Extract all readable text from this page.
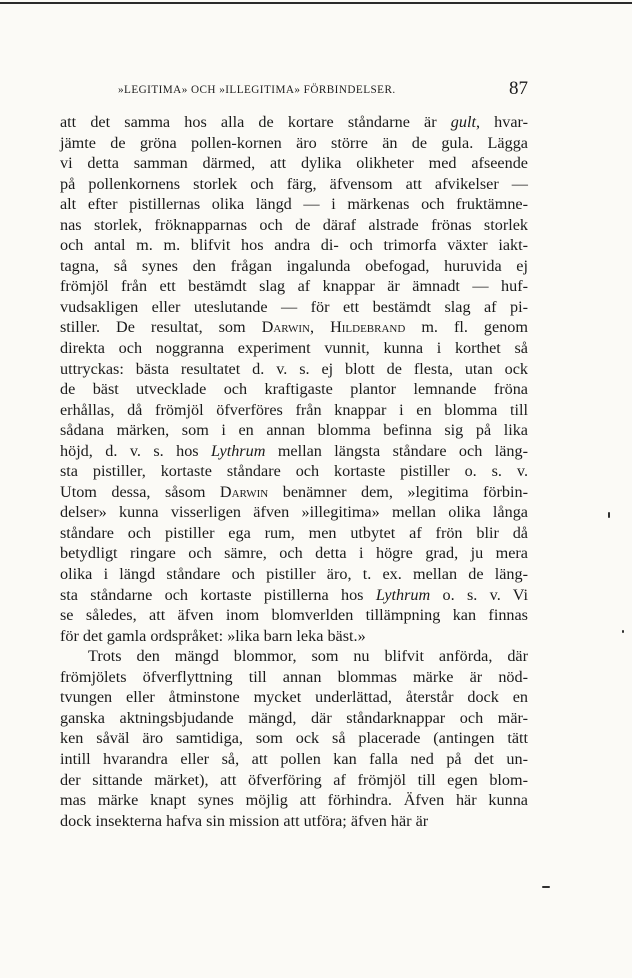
»LEGITIMA» OCH »ILLEGITIMA» FÖRBINDELSER.	87
att det samma hos alla de kortare ståndarne är gult, hvar-
jämte de gröna pollen-kornen äro större än de gula. Lägga
vi detta samman därmed, att dylika olikheter med afseende
på pollenkornens storlek och färg, äfvensom att afvikelser —
alt efter pistillernas olika längd — i märkenas och fruktämne-
nas storlek, fröknapparnas och de däraf alstrade frönas storlek
och antal m. m. blifvit hos andra di- och trimorfa växter iakt-
tagna, så synes den frågan ingalunda obefogad, huruvida ej
frömjöl från ett bestämdt slag af knappar är ämnadt — huf-
vudsakligen eller uteslutande — för ett bestämdt slag af pi-
stiller. De resultat, som Darwin, Hildebrand m. fl. genom
direkta och noggranna experiment vunnit, kunna i korthet så
uttryckas: bästa resultatet d. v. s. ej blott de flesta, utan ock
de bäst utvecklade och kraftigaste plantor lemnande fröna
erhållas, då frömjöl öfverföres från knappar i en blomma till
sådana märken, som i en annan blomma befinna sig på lika
höjd, d. v. s. hos Lythrum mellan längsta ståndare och läng-
sta pistiller, kortaste ståndare och kortaste pistiller o. s. v.
Utom dessa, såsom Darwin benämner dem, »legitima förbin-
delser» kunna visserligen äfven »illegitima» mellan olika långa
ståndare och pistiller ega rum, men utbytet af frön blir då
betydligt ringare och sämre, och detta i högre grad, ju mera
olika i längd ståndare och pistiller äro, t. ex. mellan de läng-
sta ståndarne och kortaste pistillerna hos Lythrum o. s. v. Vi
se således, att äfven inom blomverlden tillämpning kan finnas
för det gamla ordspråket: »lika barn leka bäst.»
Trots den mängd blommor, som nu blifvit anförda, där
frömjölets öfverflyttning till annan blommas märke är nöd-
tvungen eller åtminstone mycket underlättad, återstår dock en
ganska aktningsbjudande mängd, där ståndarknappar och mär-
ken såväl äro samtidiga, som ock så placerade (antingen tätt
intill hvarandra eller så, att pollen kan falla ned på det un-
der sittande märket), att öfverföring af frömjöl till egen blom-
mas märke knapt synes möjlig att förhindra. Äfven här kunna
dock insekterna hafva sin mission att utföra; äfven här är
